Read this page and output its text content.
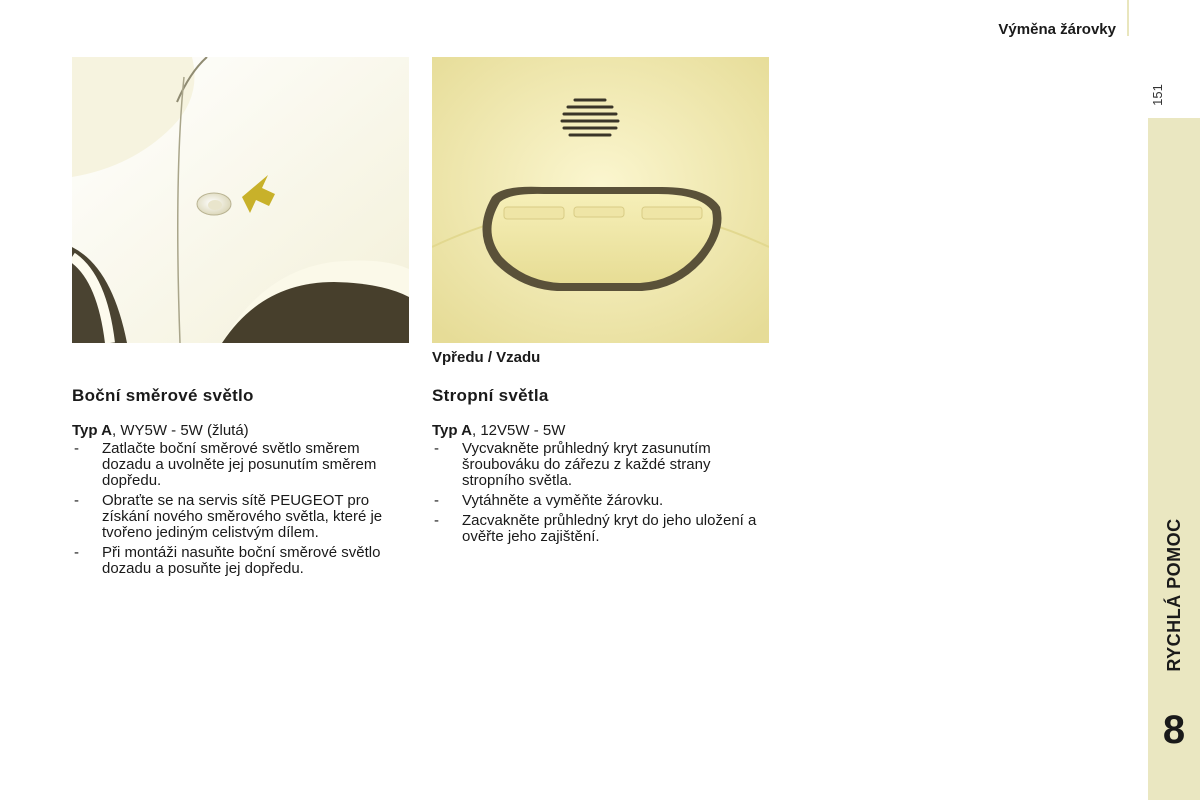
Výměna žárovky
151
RYCHLÁ POMOC
8
Vpředu / Vzadu
Boční směrové světlo	Stropní světla
Typ A, WY5W - 5W (žlutá)
-	Zatlačte boční směrové světlo směrem dozadu a uvolněte jej posunutím směrem dopředu.
-	Obraťte se na servis sítě PEUGEOT pro získání nového směrového světla, které je tvořeno jediným celistvým dílem.
-	Při montáži nasuňte boční směrové světlo dozadu a posuňte jej dopředu.
Typ A, 12V5W - 5W
-	Vycvakněte průhledný kryt zasunutím šroubováku do zářezu z každé strany stropního světla.
-	Vytáhněte a vyměňte žárovku.
-	Zacvakněte průhledný kryt do jeho uložení a ověřte jeho zajištění.
